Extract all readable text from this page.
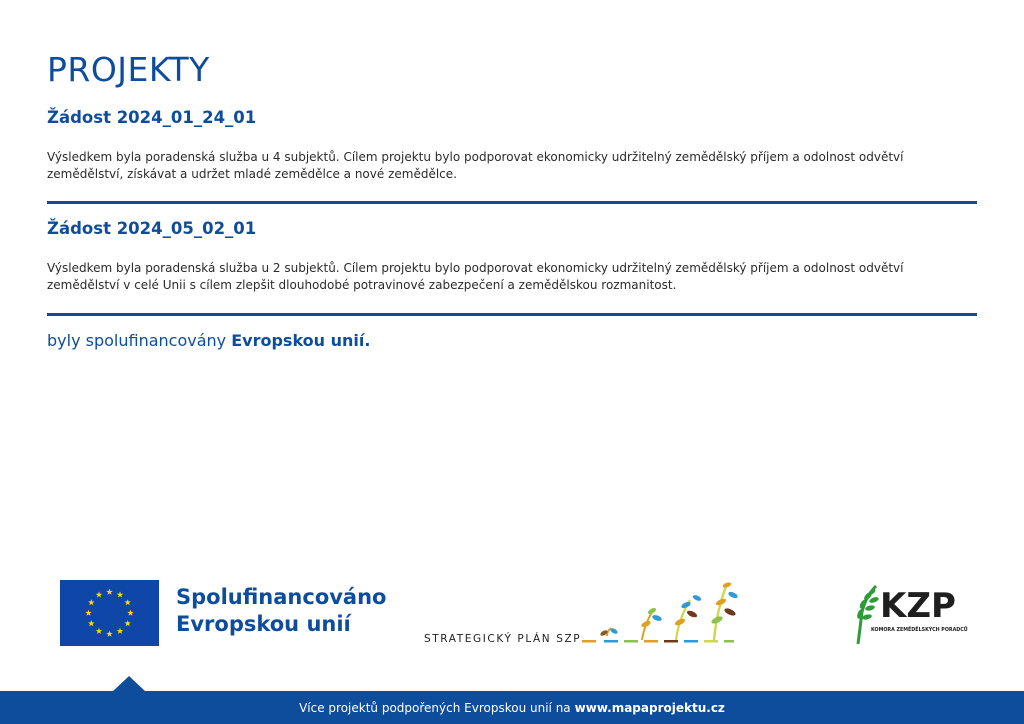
PROJEKTY
Žádost 2024_01_24_01

Výsledkem byla poradenská služba u 4 subjektů. Cílem projektu bylo podporovat ekonomicky udržitelný zemědělský příjem a odolnost odvětví zemědělství, získávat a udržet mladé zemědělce a nové zemědělce.

Žádost 2024_05_02_01

Výsledkem byla poradenská služba u 2 subjektů. Cílem projektu bylo podporovat ekonomicky udržitelný zemědělský příjem a odolnost odvětví zemědělství v celé Unii s cílem zlepšit dlouhodobé potravinové zabezpečení a zemědělskou rozmanitost.

byly spolufinancovány Evropskou unií.
Spolufinancováno
Evropskou unií
STRATEGICKÝ PLÁN SZP
KZP
KOMORA ZEMĚDĚLSKÝCH PORADCŮ
Více projektů podpořených Evropskou unií na www.mapaprojektu.cz
